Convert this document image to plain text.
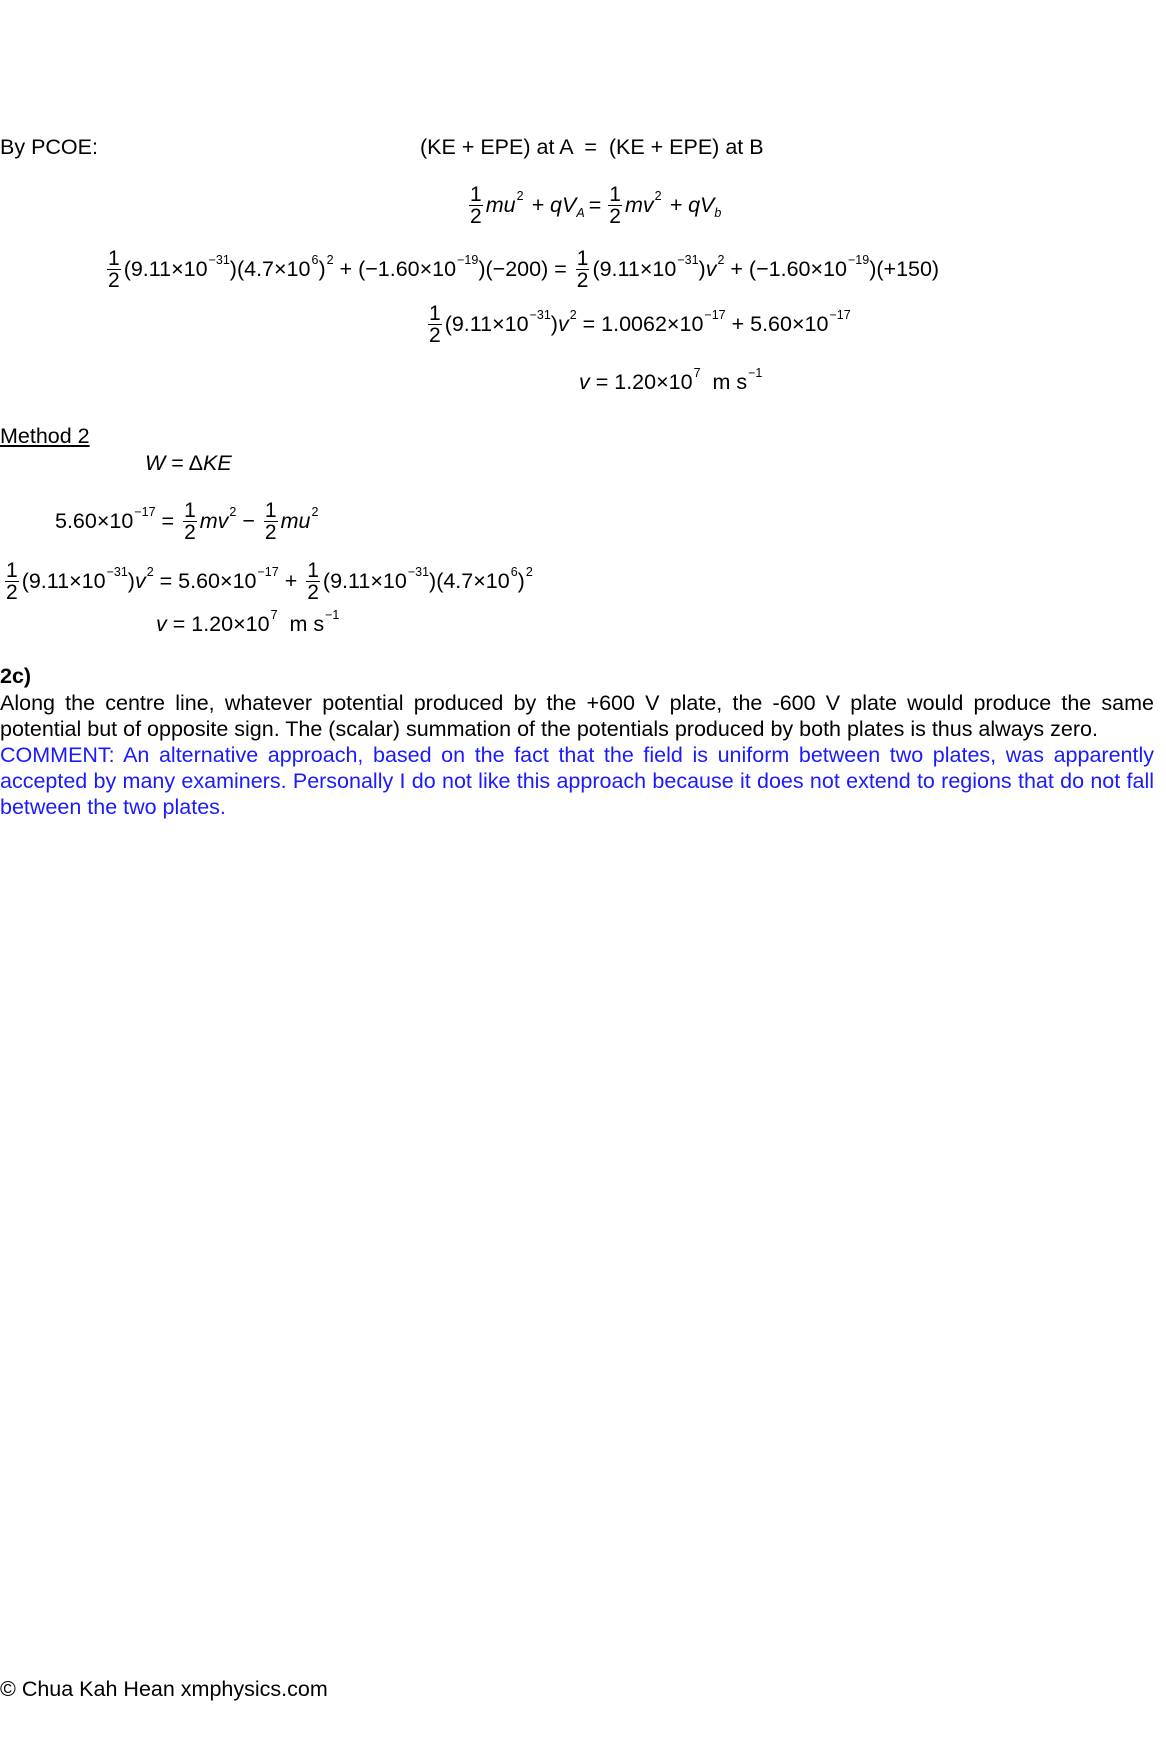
By PCOE:	(KE + EPE) at A  =  (KE + EPE) at B
$\frac{1}{2} mu^2$ + qV $_A = \frac{1}{2} mv^2$ + qV $_b$
$\frac{1}{2} (9.11\times 10^{-31}$ )($4.7\times 10^6$ )$^2 + (-1.60\times 10^{-19}$ )$(-200) = \frac{1}{2} (9.11\times 10^{-31}$ ) $v^2 + (-1.60\times 10^{-19}$ )(+150)
$\frac{1}{2} (9.11\times 10^{-31}$ ) $v^2 = 1.0062\times 10^{-17} + 5.60\times 10^{-17}$
$v = 1.20\times 10^7$ m $s^{-1}$
Method 2
W = Δ KE
$5.60\times 10^{-17} = \frac{1}{2} mv^2 - \frac{1}{2} mu^2$
$\frac{1}{2} (9.11\times 10^{-31}$ ) $v^2 = 5.60\times 10^{-17} + \frac{1}{2} (9.11\times 10^{-31}$ )($4.7\times 10^6$ )$^2$
$v = 1.20\times 10^7$ m $s^{-1}$
2c)
Along the centre line, whatever potential produced by the +600 V plate, the -600 V plate would produce the same potential but of opposite sign. The (scalar) summation of the potentials produced by both plates is thus always zero.
COMMENT: An alternative approach, based on the fact that the field is uniform between two plates, was apparently accepted by many examiners. Personally I do not like this approach because it does not extend to regions that do not fall between the two plates.
© Chua Kah Hean xmphysics.com
